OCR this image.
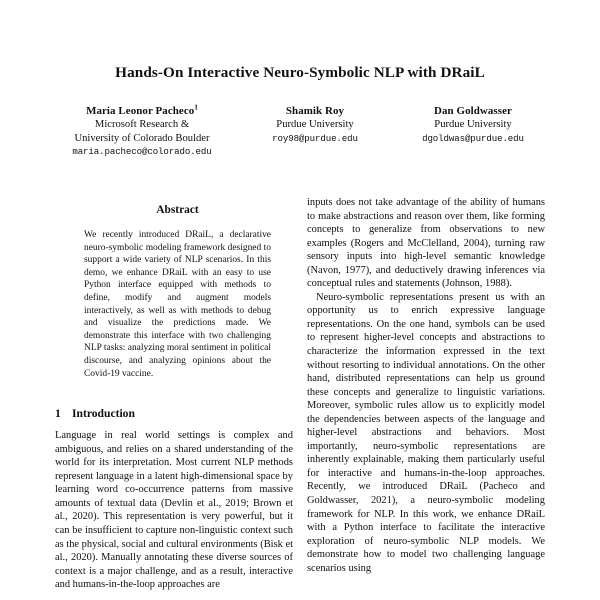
Hands-On Interactive Neuro-Symbolic NLP with DRaiL
Maria Leonor Pacheco$^1$
Microsoft Research &
University of Colorado Boulder
maria.pacheco@colorado.edu
Shamik Roy
Purdue University
roy98@purdue.edu
Dan Goldwasser
Purdue University
dgoldwas@purdue.edu
Abstract

We recently introduced DRaiL, a declarative neuro-symbolic modeling framework designed to support a wide variety of NLP scenarios. In this demo, we enhance DRaiL with an easy to use Python interface equipped with methods to define, modify and augment models interactively, as well as with methods to debug and visualize the predictions made. We demonstrate this interface with two challenging NLP tasks: analyzing moral sentiment in political discourse, and analyzing opinions about the Covid-19 vaccine.

1 Introduction

Language in real world settings is complex and ambiguous, and relies on a shared understanding of the world for its interpretation. Most current NLP methods represent language in a latent high-dimensional space by learning word co-occurrence patterns from massive amounts of textual data (Devlin et al., 2019; Brown et al., 2020). This representation is very powerful, but it can be insufficient to capture non-linguistic context such as the physical, social and cultural environments (Bisk et al., 2020). Manually annotating these diverse sources of context is a major challenge, and as a result, interactive and humans-in-the-loop approaches are

inputs does not take advantage of the ability of humans to make abstractions and reason over them, like forming concepts to generalize from observations to new examples (Rogers and McClelland, 2004), turning raw sensory inputs into high-level semantic knowledge (Navon, 1977), and deductively drawing inferences via conceptual rules and statements (Johnson, 1988).

Neuro-symbolic representations present us with an opportunity us to enrich expressive language representations. On the one hand, symbols can be used to represent higher-level concepts and abstractions to characterize the information expressed in the text without resorting to individual annotations. On the other hand, distributed representations can help us ground these concepts and generalize to linguistic variations. Moreover, symbolic rules allow us to explicitly model the dependencies between aspects of the language and higher-level abstractions and behaviors. Most importantly, neuro-symbolic representations are inherently explainable, making them particularly useful for interactive and humans-in-the-loop approaches. Recently, we introduced DRaiL (Pacheco and Goldwasser, 2021), a neuro-symbolic modeling framework for NLP. In this work, we enhance DRaiL with a Python interface to facilitate the interactive exploration of neuro-symbolic NLP models. We demonstrate how to model two challenging language scenarios using
